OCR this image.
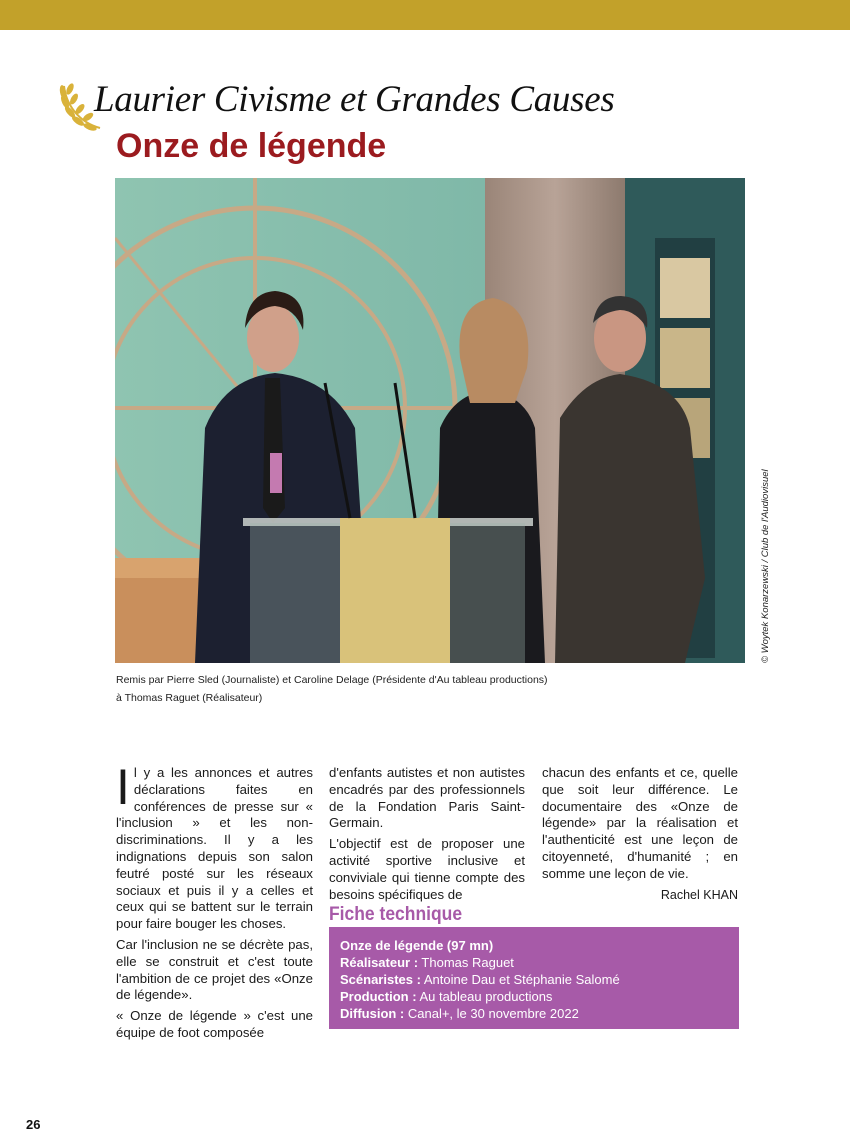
Laurier Civisme et Grandes Causes
Onze de légende
© Woytek Konarzewski / Club de l'Audiovisuel
Remis par Pierre Sled (Journaliste) et Caroline Delage (Présidente d'Au tableau productions)
à Thomas Raguet (Réalisateur)

Il y a les annonces et autres déclarations faites en conférences de presse sur « l'inclusion » et les non-discriminations. Il y a les indignations depuis son salon feutré posté sur les réseaux sociaux et puis il y a celles et ceux qui se battent sur le terrain pour faire bouger les choses.

Car l'inclusion ne se décrète pas, elle se construit et c'est toute l'ambition de ce projet des «Onze de légende».

« Onze de légende » c'est une équipe de foot composée

d'enfants autistes et non autistes encadrés par des professionnels de la Fondation Paris Saint-Germain.

L'objectif est de proposer une activité sportive inclusive et conviviale qui tienne compte des besoins spécifiques de

chacun des enfants et ce, quelle que soit leur différence. Le documentaire des «Onze de légende» par la réalisation et l'authenticité est une leçon de citoyenneté, d'humanité ; en somme une leçon de vie.

Rachel KHAN
Fiche technique
Onze de légende (97 mn)
Réalisateur : Thomas Raguet
Scénaristes : Antoine Dau et Stéphanie Salomé
Production : Au tableau productions
Diffusion : Canal+, le 30 novembre 2022
26
